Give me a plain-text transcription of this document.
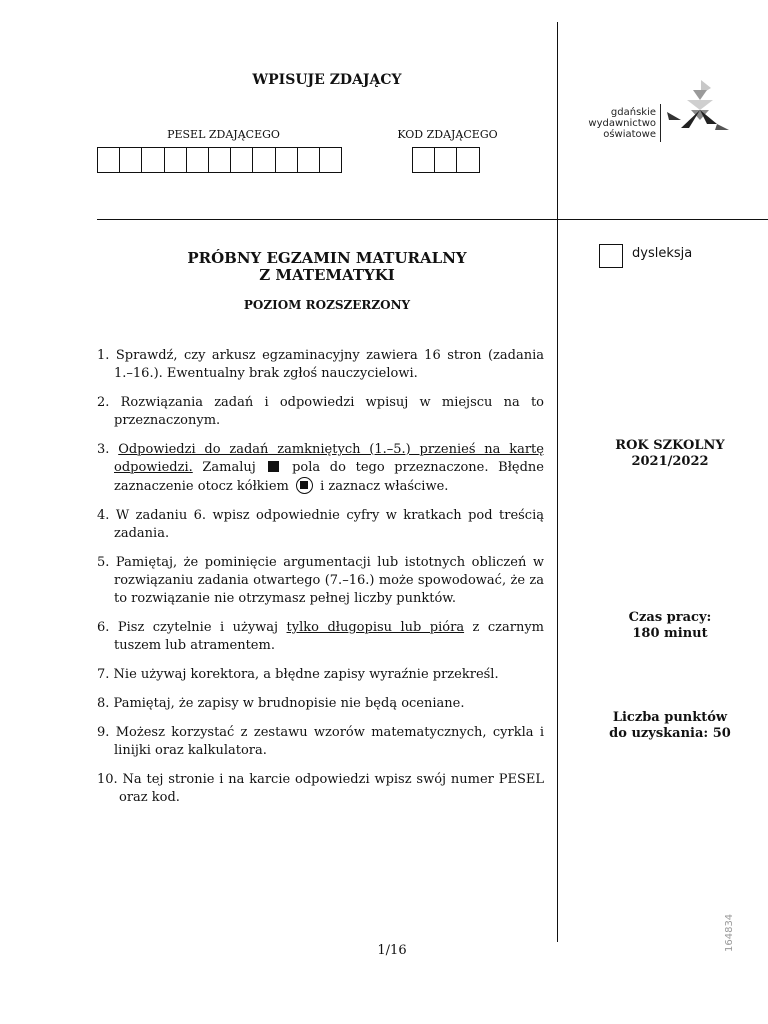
WPISUJE ZDAJĄCY
PESEL ZDAJĄCEGO	KOD ZDAJĄCEGO
gdańskie
wydawnictwo
oświatowe
PRÓBNY EGZAMIN MATURALNY
Z MATEMATYKI
POZIOM ROZSZERZONY
1. Sprawdź, czy arkusz egzaminacyjny zawiera 16 stron (zadania 1.–16.). Ewentualny brak zgłoś nauczycielowi.
2. Rozwiązania zadań i odpowiedzi wpisuj w miejscu na to przeznaczonym.
3. Odpowiedzi do zadań zamkniętych (1.–5.) przenieś na kartę odpowiedzi. Zamaluj  pola do tego przeznaczone. Błędne zaznaczenie otocz kółkiem  i zaznacz właściwe.
4. W zadaniu 6. wpisz odpowiednie cyfry w kratkach pod treścią zadania.
5. Pamiętaj, że pominięcie argumentacji lub istotnych obliczeń w rozwiązaniu zadania otwartego (7.–16.) może spowodować, że za to rozwiązanie nie otrzymasz pełnej liczby punktów.
6. Pisz czytelnie i używaj tylko długopisu lub pióra z czarnym tuszem lub atramentem.
7. Nie używaj korektora, a błędne zapisy wyraźnie przekreśl.
8. Pamiętaj, że zapisy w brudnopisie nie będą oceniane.
9. Możesz korzystać z zestawu wzorów matematycznych, cyrkla i linijki oraz kalkulatora.
10. Na tej stronie i na karcie odpowiedzi wpisz swój numer PESEL oraz kod.
dysleksja
ROK SZKOLNY
2021/2022
Czas pracy:
180 minut
Liczba punktów
do uzyskania: 50
1/16	164834
